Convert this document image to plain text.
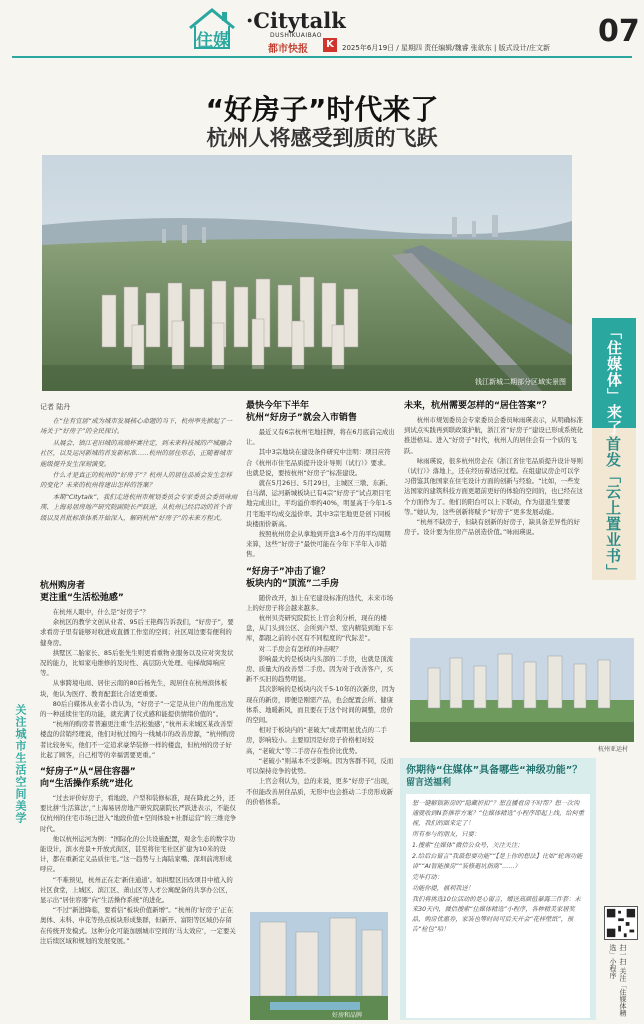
住媒
·Citytalk
DUSHIKUAIBAO
都市快报	K	2025年6月19日 / 星期四 责任编辑/魏睿 张欲东 | 版式设计/庄文新 07
“好房子”时代来了
杭州人将感受到质的飞跃
钱江新城二期部分区域实景图	「住媒体」来了
首发「云上置业书」
记者 陆丹

在“住有宜居”成为城市发展核心命题的当下，杭州率先掀起了一场关于“好房子”的全民探讨。

从展会、镇江老旧城的高端杯赛往定，到未来科技城的产城融合社区，以及运河新城的首发新标准……杭州的居住形态，正随着城市能级提升发生深刻演变。

什么才是真正的杭州的“好房子”？杭州人的居住品质会发生怎样的变化？未来的杭州将建出怎样的答案？

本期“Citytalk”，我们走进杭州市规划委员会专家委员会委员咏雨瑛、上海易居房地产研究院副院长严跃进，从杭州已经启动的首个省级以及首批标准体系开始深入，解码杭州“好房子”的未来方程式。

关注城市生活空间美学
杭州购房者
更注重“生活松弛感”

在杭州人眼中，什么是“好房子”？

余杭区的教学文创从业者、95后王艳辉告诉我们，“好房子”，要求看房子里有能够对收进成直播工作室的空间；社区周边要有便利的健身房。

拱墅区二胎家长、85后张先生则更看重物业服务以及应对突发状况的能力，比如家电维修的及时性、高层防火处理、电梯故障响应等。

从事跨境电商、居住云南的80后杨先生，现居住在杭州滨体板块，他认为医疗、教育配套比合适更重要。

80后自媒体从业者小肖认为，“好房子”一定是从住户的角度出发的一种延续住宅的功能，就充满了仪式感和能提供情绪价值的”。

“杭州的购房者普遍更注重‘生活松弛感’，”杭州未来城区某改善型楼盘的营销经理说，他们对杭过国内一线城市的改善房源，“杭州购房者比较务实，他们不一定追求豪华装修一样的楼盘，但杭州的房子好比起了顾客，自己相等的幸福需要更重。”

“好房子”从“居住容器”
向“生活操作系统”进化

“过去评价好房子，看地段、户型和装修标准，现在降此之外，还要比拼‘生活算法’，”上海易居房地产研究院副院长严跃进表示，不能仅仅杭州的住宅市场已进入“地段价值+空间体验+社群运营”的三维竞争时代。

他以杭州运河为例：“国际化的公共设施配置，观念生态的数字功能设计，滨水亮景+开放式街区，甚至将住宅社区扩建为10米的设计，都在重新定义品质住宅。”这一趋势与上海陆家嘴、深圳前湾形成呼应。

“不难预见，杭州正在走‘新住通道’。如拱墅区旧改项目中植入的社区食堂，上城区、滨江区、萧山区等人才公寓配备的共享办公区，显示出“居住容器”向“生活操作系统”的进化。

“不过”新进降临，要看信“板块价值新增”。“杭州的‘好房子’正在奥体、未科、申花等热点板块形成集群，但新开、富阳等区域仍存留在传统开发模式。这种分化可能加剧城市空间的‘马太效应’，一定要关注后续区域和规划的发展变展。”

最快今年下半年
杭州“好房子”就会入市销售

最近又有6宗杭州宅地挂牌，将在6月底前完成出让。

其中3宗地块在建设条件研究中注明：项目应符合《杭州市住宅品质提升设计导则（试行）》要求。也就是说，要按杭州“好房子”标准建设。

就在5月26日、5月29日，主城区三墩、东新、白马湖、运河新城板块已有4宗“好房子”试点项目宅地完成出让，平均溢价率约40%，明显高于今年1-5月宅地平均成交溢价率。其中3宗宅地更是创下同板块楼面价新高。

按照杭州房企从拿地到开盘3-6个月的平均周期来算，这些“好房子”最快可能在今年下半年入市销售。

“好房子”冲击了谁？
板块内的“顶流”二手房

随价改开，加上在宅建设标准的迭代，未来市场上的好房子将会越来越多。

杭州贝壳研究院院长上官会利分析，现在的楼盘，从门头到公区、会所到户型、室内精装到地下车库，都跟之前的小区有不同程度的“代际差”。

对二手房会有怎样的冲击呢？

影响最大的是板块内头部的二手房，也就是顶流房、质量大的改善型二手房。因为对于改善客户，买新不买旧的趋势明显。

其次影响的是板块内次千5-10年的次新房，因为现在的新房，即便是刚需产品，也会配置会所、健康体系、地暖新风，而且要在于这个时间的调整，房价的空间。

相对于板块内的“老破大”或者明星优点的二手房，影响较小。主要原因是好房子价格相对较高，“老破大”等二手房存在性价比优势。

“老破小”则基本不受影响。因为客群不同，反而可以保持竞争的优势。

上官会利认为，总的来说，更多“好房子”出现，不但能改善居住品质，无形中也会推动二手房形成新的价格体系。

未来，杭州需要怎样的“居住答案”？

杭州市规划委员会专家委员会委员咏雨瑛表示，从明确标准到试点实践再到联政策护航，浙江省“好房子”建设已形成系统化推进格局。进入“好房子”时代，杭州人的居住会有一个质的飞跃。

咏雨瑛说，很多杭州房企在《浙江省住宅品质提升设计导则（试行）》落地上，还在经历着适应过程。在组建议房企可以学习借鉴其他国家在住宅设计方面的创新与经验。“比如，一些发达国家的建筑科技方面更超前更好的体验的空间的，也已经在这个方面作为了。他们的阳台可以上下联动，作为退退生要要等。”她认为，这些创新将赋予“好房子”更多发展动能。

“杭州不缺房子，但缺有创新的好房子，缺具备差异性的好房子。设计要为住房产品创造价值。”咏雨瑛说。

杭州亚运村
好房和品牌
你期待“住媒体”具备哪些“神级功能”？
留言送福利

想一键解锁新房的“隐藏折扣”？想直播看房不时帮？想一次沟通就收到N套推荐方案？“住媒体精选”小程序即起上线，给何重视，我们的面来定了！

所有参与的朋友，只要：

1.搜索“住媒体”微信公众号，关注关注；

2.给后台留言“我最想要功能”“【是上你的想法】比如“轮询功能讲”“AI智能推房”“装修避坑指南”……）

完毕打动：

功能你提，福利我送！

我们将挑选10位活动的是心留言，赠送高颜值暴露三件套：未来30天内，微信搜索“住媒体精选”小程序，各种精美家居奖品，购房优惠券，家装也等时间可后天开会“花样壁纸”，预告“检包”哈！

扫一扫 关注「住媒体精选」小程序
